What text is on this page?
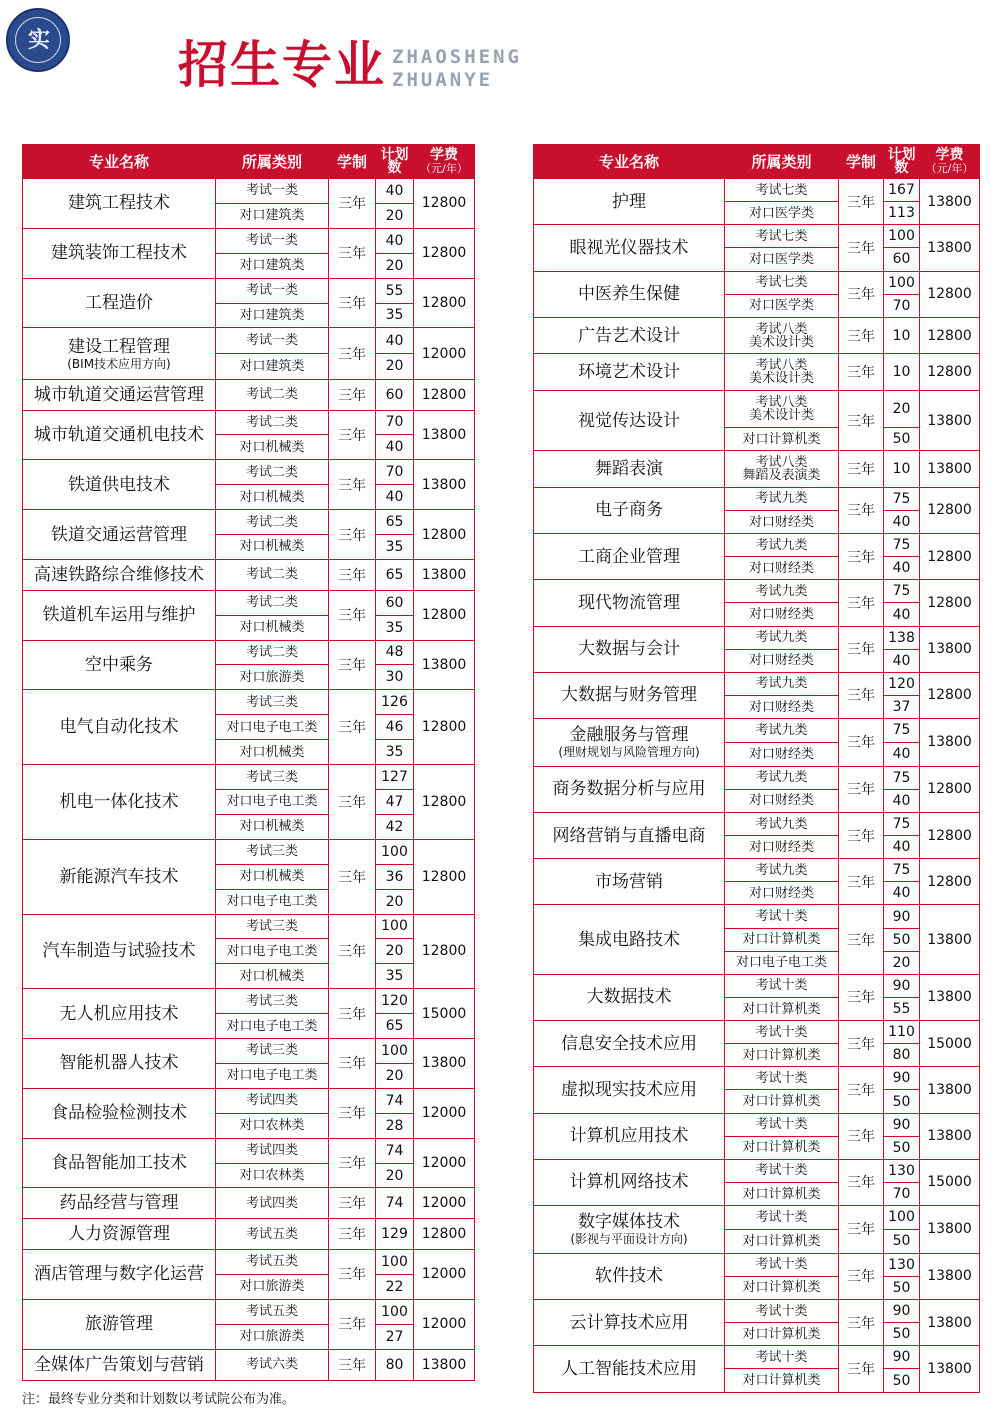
实	招生专业 ZHAOSHENG
ZHUANYE
专业名称	所属类别	学制	计划
数	学费
（元/年）

建筑工程技术	考试一类	三年	40	12800
	对口建筑类		20	

建筑装饰工程技术	考试一类	三年	40	12800
	对口建筑类		20	

工程造价	考试一类	三年	55	12800
	对口建筑类		35	

建设工程管理
(BIM技术应用方向)	考试一类	三年	40	12000
	对口建筑类		20	

城市轨道交通运营管理	考试二类	三年	60	12800

城市轨道交通机电技术	考试二类	三年	70	13800
	对口机械类		40	

铁道供电技术	考试二类	三年	70	13800
	对口机械类		40	

铁道交通运营管理	考试二类	三年	65	12800
	对口机械类		35	

高速铁路综合维修技术	考试二类	三年	65	13800

铁道机车运用与维护	考试二类	三年	60	12800
	对口机械类		35	

空中乘务	考试二类	三年	48	13800
	对口旅游类		30	

电气自动化技术	考试三类	三年	126	12800
	对口电子电工类		46	
	对口机械类		35	

机电一体化技术	考试三类	三年	127	12800
	对口电子电工类		47	
	对口机械类		42	

新能源汽车技术	考试三类	三年	100	12800
	对口机械类		36	
	对口电子电工类		20	

汽车制造与试验技术	考试三类	三年	100	12800
	对口电子电工类		20	
	对口机械类		35	

无人机应用技术	考试三类	三年	120	15000
	对口电子电工类		65	

智能机器人技术	考试三类	三年	100	13800
	对口电子电工类		20	

食品检验检测技术	考试四类	三年	74	12000
	对口农林类		28	

食品智能加工技术	考试四类	三年	74	12000
	对口农林类		20	

药品经营与管理	考试四类	三年	74	12000

人力资源管理	考试五类	三年	129	12800

酒店管理与数字化运营	考试五类	三年	100	12000
	对口旅游类		22	

旅游管理	考试五类	三年	100	12000
	对口旅游类		27	

全媒体广告策划与营销	考试六类	三年	80	13800
专业名称	所属类别	学制	计划
数	学费
（元/年）

护理	考试七类	三年	167	13800
	对口医学类		113	

眼视光仪器技术	考试七类	三年	100	13800
	对口医学类		60	

中医养生保健	考试七类	三年	100	12800
	对口医学类		70	

广告艺术设计	考试八类
美术设计类	三年	10	12800

环境艺术设计	考试八类
美术设计类	三年	10	12800

视觉传达设计	考试八类
美术设计类	三年	20	13800
	对口计算机类		50	

舞蹈表演	考试八类
舞蹈及表演类	三年	10	13800

电子商务	考试九类	三年	75	12800
	对口财经类		40	

工商企业管理	考试九类	三年	75	12800
	对口财经类		40	

现代物流管理	考试九类	三年	75	12800
	对口财经类		40	

大数据与会计	考试九类	三年	138	13800
	对口财经类		40	

大数据与财务管理	考试九类	三年	120	12800
	对口财经类		37	

金融服务与管理
(理财规划与风险管理方向)	考试九类	三年	75	13800
	对口财经类		40	

商务数据分析与应用	考试九类	三年	75	12800
	对口财经类		40	

网络营销与直播电商	考试九类	三年	75	12800
	对口财经类		40	

市场营销	考试九类	三年	75	12800
	对口财经类		40	

集成电路技术	考试十类	三年	90	13800
	对口计算机类		50	
	对口电子电工类		20	

大数据技术	考试十类	三年	90	13800
	对口计算机类		55	

信息安全技术应用	考试十类	三年	110	15000
	对口计算机类		80	

虚拟现实技术应用	考试十类	三年	90	13800
	对口计算机类		50	

计算机应用技术	考试十类	三年	90	13800
	对口计算机类		50	

计算机网络技术	考试十类	三年	130	15000
	对口计算机类		70	

数字媒体技术
(影视与平面设计方向)	考试十类	三年	100	13800
	对口计算机类		50	

软件技术	考试十类	三年	130	13800
	对口计算机类		50	

云计算技术应用	考试十类	三年	90	13800
	对口计算机类		50	

人工智能技术应用	考试十类	三年	90	13800
	对口计算机类		50	
注：最终专业分类和计划数以考试院公布为准。
